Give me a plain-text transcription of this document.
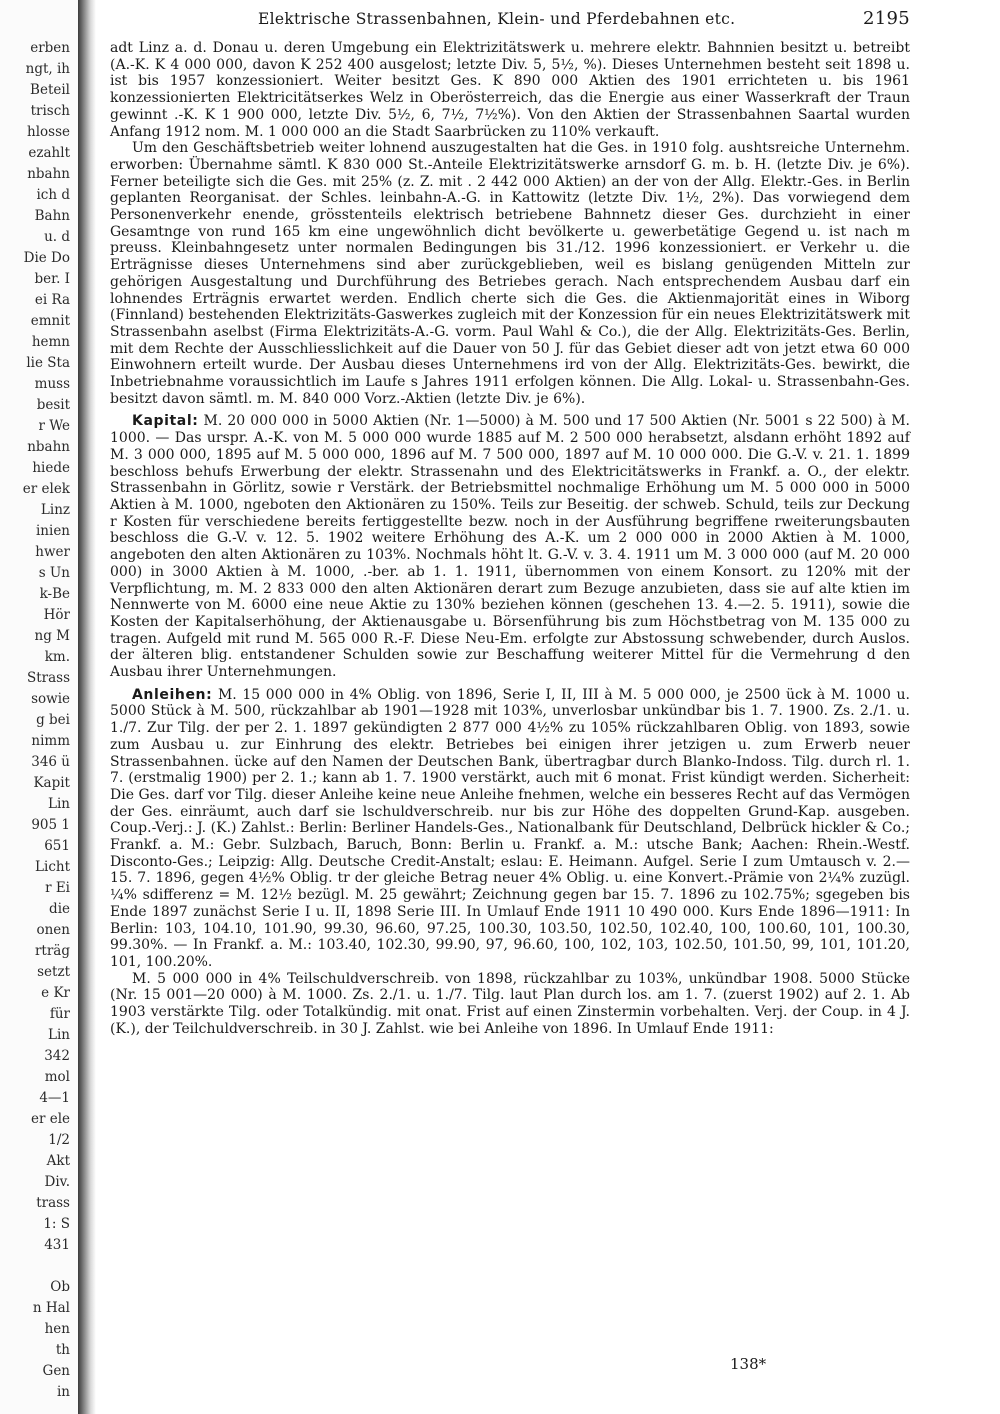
erben
ngt, ih
Beteil
trisch
hlosse
ezahlt
nbahn
ich d
Bahn
u. d
Die Do
ber. I
ei Ra
emnit
hemn
lie Sta
muss
besit
r We
nbahn
hiede
er elek
Linz
inien
hwer
s Un
k-Be
Hör
ng M
km.
Strass
sowie
g bei
nimm
346 ü
Kapit
Lin
905 1
651
Licht
r Ei
die
onen
rträg
setzt
e Kr
für
Lin
342
mol
4—1
er ele
1/2
Akt
Div.
trass
1: S
431
Ob
n Hal
hen
th
Gen
in
Elektrische Strassenbahnen, Klein- und Pferdebahnen etc.	2195

adt Linz a. d. Donau u. deren Umgebung ein Elektrizitätswerk u. mehrere elektr. Bahnnien besitzt u. betreibt (A.-K. K 4 000 000, davon K 252 400 ausgelost; letzte Div. 5, 5½, %). Dieses Unternehmen besteht seit 1898 u. ist bis 1957 konzessioniert. Weiter besitzt Ges. K 890 000 Aktien des 1901 errichteten u. bis 1961 konzessionierten Elektricitätserkes Welz in Oberösterreich, das die Energie aus einer Wasserkraft der Traun gewinnt .-K. K 1 900 000, letzte Div. 5½, 6, 7½, 7½%). Von den Aktien der Strassenbahnen Saartal wurden Anfang 1912 nom. M. 1 000 000 an die Stadt Saarbrücken zu 110% verkauft.

Um den Geschäftsbetrieb weiter lohnend auszugestalten hat die Ges. in 1910 folg. aushtsreiche Unternehm. erworben: Übernahme sämtl. K 830 000 St.-Anteile Elektrizitätswerke arnsdorf G. m. b. H. (letzte Div. je 6%). Ferner beteiligte sich die Ges. mit 25% (z. Z. mit . 2 442 000 Aktien) an der von der Allg. Elektr.-Ges. in Berlin geplanten Reorganisat. der Schles. leinbahn-A.-G. in Kattowitz (letzte Div. 1½, 2%). Das vorwiegend dem Personenverkehr enende, grösstenteils elektrisch betriebene Bahnnetz dieser Ges. durchzieht in einer Gesamtnge von rund 165 km eine ungewöhnlich dicht bevölkerte u. gewerbetätige Gegend u. ist nach m preuss. Kleinbahngesetz unter normalen Bedingungen bis 31./12. 1996 konzessioniert. er Verkehr u. die Erträgnisse dieses Unternehmens sind aber zurückgeblieben, weil es bislang genügenden Mitteln zur gehörigen Ausgestaltung und Durchführung des Betriebes gerach. Nach entsprechendem Ausbau darf ein lohnendes Erträgnis erwartet werden. Endlich cherte sich die Ges. die Aktienmajorität eines in Wiborg (Finnland) bestehenden Elektrizitäts-Gaswerkes zugleich mit der Konzession für ein neues Elektrizitätswerk mit Strassenbahn aselbst (Firma Elektrizitäts-A.-G. vorm. Paul Wahl & Co.), die der Allg. Elektrizitäts-Ges. Berlin, mit dem Rechte der Ausschliesslichkeit auf die Dauer von 50 J. für das Gebiet dieser adt von jetzt etwa 60 000 Einwohnern erteilt wurde. Der Ausbau dieses Unternehmens ird von der Allg. Elektrizitäts-Ges. bewirkt, die Inbetriebnahme voraussichtlich im Laufe s Jahres 1911 erfolgen können. Die Allg. Lokal- u. Strassenbahn-Ges. besitzt davon sämtl. m. M. 840 000 Vorz.-Aktien (letzte Div. je 6%).

Kapital: M. 20 000 000 in 5000 Aktien (Nr. 1—5000) à M. 500 und 17 500 Aktien (Nr. 5001 s 22 500) à M. 1000. — Das urspr. A.-K. von M. 5 000 000 wurde 1885 auf M. 2 500 000 herabsetzt, alsdann erhöht 1892 auf M. 3 000 000, 1895 auf M. 5 000 000, 1896 auf M. 7 500 000, 1897 auf M. 10 000 000. Die G.-V. v. 21. 1. 1899 beschloss behufs Erwerbung der elektr. Strassenahn und des Elektricitätswerks in Frankf. a. O., der elektr. Strassenbahn in Görlitz, sowie r Verstärk. der Betriebsmittel nochmalige Erhöhung um M. 5 000 000 in 5000 Aktien à M. 1000, ngeboten den Aktionären zu 150%. Teils zur Beseitig. der schweb. Schuld, teils zur Deckung r Kosten für verschiedene bereits fertiggestellte bezw. noch in der Ausführung begriffene rweiterungsbauten beschloss die G.-V. v. 12. 5. 1902 weitere Erhöhung des A.-K. um 2 000 000 in 2000 Aktien à M. 1000, angeboten den alten Aktionären zu 103%. Nochmals höht lt. G.-V. v. 3. 4. 1911 um M. 3 000 000 (auf M. 20 000 000) in 3000 Aktien à M. 1000, .-ber. ab 1. 1. 1911, übernommen von einem Konsort. zu 120% mit der Verpflichtung, m. M. 2 833 000 den alten Aktionären derart zum Bezuge anzubieten, dass sie auf alte ktien im Nennwerte von M. 6000 eine neue Aktie zu 130% beziehen können (geschehen 13. 4.—2. 5. 1911), sowie die Kosten der Kapitalserhöhung, der Aktienausgabe u. Börsenführung bis zum Höchstbetrag von M. 135 000 zu tragen. Aufgeld mit rund M. 565 000 R.-F. Diese Neu-Em. erfolgte zur Abstossung schwebender, durch Auslos. der älteren blig. entstandener Schulden sowie zur Beschaffung weiterer Mittel für die Vermehrung d den Ausbau ihrer Unternehmungen.

Anleihen: M. 15 000 000 in 4% Oblig. von 1896, Serie I, II, III à M. 5 000 000, je 2500 ück à M. 1000 u. 5000 Stück à M. 500, rückzahlbar ab 1901—1928 mit 103%, unverlosbar unkündbar bis 1. 7. 1900. Zs. 2./1. u. 1./7. Zur Tilg. der per 2. 1. 1897 gekündigten 2 877 000 4½% zu 105% rückzahlbaren Oblig. von 1893, sowie zum Ausbau u. zur Einhrung des elektr. Betriebes bei einigen ihrer jetzigen u. zum Erwerb neuer Strassenbahnen. ücke auf den Namen der Deutschen Bank, übertragbar durch Blanko-Indoss. Tilg. durch rl. 1. 7. (erstmalig 1900) per 2. 1.; kann ab 1. 7. 1900 verstärkt, auch mit 6 monat. Frist kündigt werden. Sicherheit: Die Ges. darf vor Tilg. dieser Anleihe keine neue Anleihe fnehmen, welche ein besseres Recht auf das Vermögen der Ges. einräumt, auch darf sie lschuldverschreib. nur bis zur Höhe des doppelten Grund-Kap. ausgeben. Coup.-Verj.: J. (K.) Zahlst.: Berlin: Berliner Handels-Ges., Nationalbank für Deutschland, Delbrück hickler & Co.; Frankf. a. M.: Gebr. Sulzbach, Baruch, Bonn: Berlin u. Frankf. a. M.: utsche Bank; Aachen: Rhein.-Westf. Disconto-Ges.; Leipzig: Allg. Deutsche Credit-Anstalt; eslau: E. Heimann. Aufgel. Serie I zum Umtausch v. 2.—15. 7. 1896, gegen 4½% Oblig. tr der gleiche Betrag neuer 4% Oblig. u. eine Konvert.-Prämie von 2¼% zuzügl. ¼% sdifferenz = M. 12½ bezügl. M. 25 gewährt; Zeichnung gegen bar 15. 7. 1896 zu 102.75%; sgegeben bis Ende 1897 zunächst Serie I u. II, 1898 Serie III. In Umlauf Ende 1911 10 490 000. Kurs Ende 1896—1911: In Berlin: 103, 104.10, 101.90, 99.30, 96.60, 97.25, 100.30, 103.50, 102.50, 102.40, 100, 100.60, 101, 100.30, 99.30%. — In Frankf. a. M.: 103.40, 102.30, 99.90, 97, 96.60, 100, 102, 103, 102.50, 101.50, 99, 101, 101.20, 101, 100.20%.

M. 5 000 000 in 4% Teilschuldverschreib. von 1898, rückzahlbar zu 103%, unkündbar 1908. 5000 Stücke (Nr. 15 001—20 000) à M. 1000. Zs. 2./1. u. 1./7. Tilg. laut Plan durch los. am 1. 7. (zuerst 1902) auf 2. 1. Ab 1903 verstärkte Tilg. oder Totalkündig. mit onat. Frist auf einen Zinstermin vorbehalten. Verj. der Coup. in 4 J. (K.), der Teilchuldverschreib. in 30 J. Zahlst. wie bei Anleihe von 1896. In Umlauf Ende 1911:

138*
